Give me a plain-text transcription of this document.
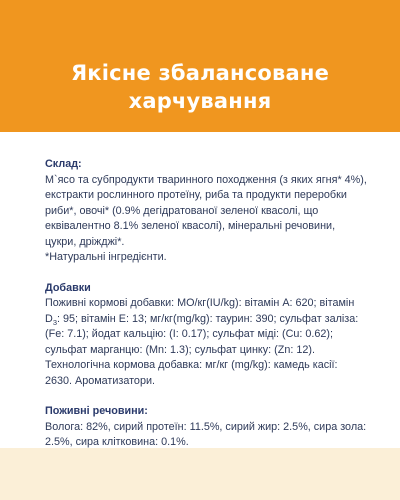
Якісне збалансоване
харчування
Склад:

М`ясо та субпродукти тваринного походження (з яких ягня* 4%), екстракти рослинного протеїну, риба та продукти переробки риби*, овочі* (0.9% дегідратованої зеленої квасолі, що еквівалентно 8.1% зеленої квасолі), мінеральні речовини, цукри, дріжджі*.

*Натуральні інгредієнти.

Добавки

Поживні кормові добавки: МО/кг(IU/kg): вітамін А: 620; вітамін $D_3$: 95; вітамін Е: 13; мг/кг(mg/kg): таурин: 390; сульфат заліза: (Fe: 7.1); йодат кальцію: (І: 0.17); сульфат міді: (Cu: 0.62); сульфат марганцю: (Mn: 1.3); сульфат цинку: (Zn: 12). Технологічна кормова добавка: мг/кг (mg/kg): камедь касії: 2630. Ароматизатори.

Поживні речовини:

Волога: 82%, сирий протеїн: 11.5%, сирий жир: 2.5%, сира зола: 2.5%, сира клітковина: 0.1%.
